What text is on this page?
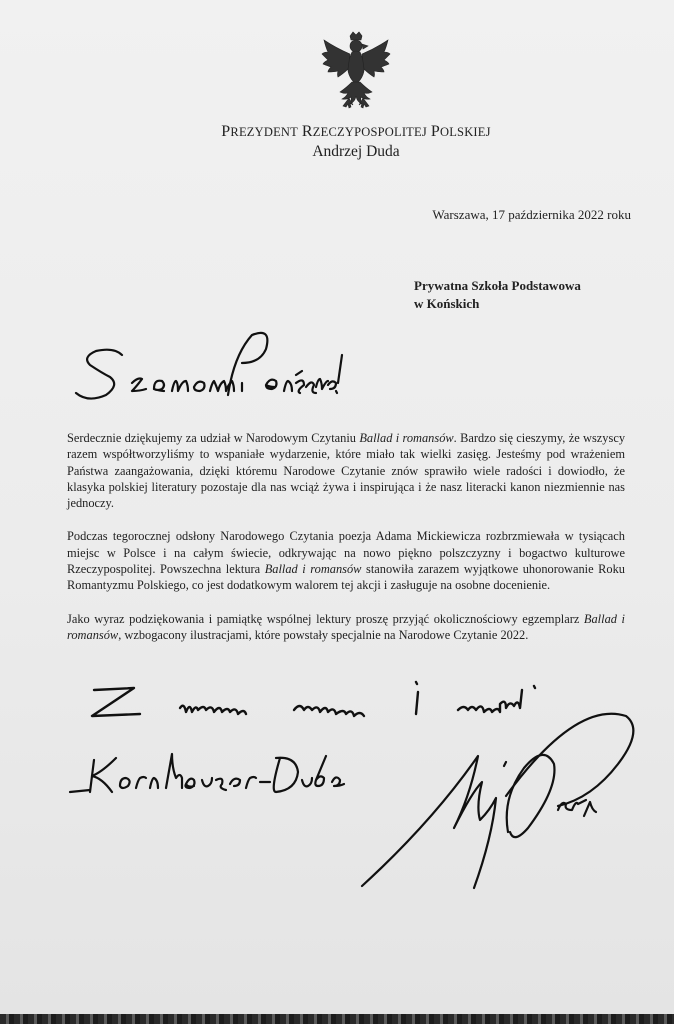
PREZYDENT RZECZYPOSPOLITEJ POLSKIEJ
Andrzej Duda
Warszawa, 17 października 2022 roku
Prywatna Szkoła Podstawowa
w Końskich

Serdecznie dziękujemy za udział w Narodowym Czytaniu Ballad i romansów. Bardzo się cieszymy, że wszyscy razem współtworzyliśmy to wspaniałe wydarzenie, które miało tak wielki zasięg. Jesteśmy pod wrażeniem Państwa zaangażowania, dzięki któremu Narodowe Czytanie znów sprawiło wiele radości i dowiodło, że klasyka polskiej literatury pozostaje dla nas wciąż żywa i inspirująca i że nasz literacki kanon niezmiennie nas jednoczy.

Podczas tegorocznej odsłony Narodowego Czytania poezja Adama Mickiewicza rozbrzmiewała w tysiącach miejsc w Polsce i na całym świecie, odkrywając na nowo piękno polszczyzny i bogactwo kulturowe Rzeczypospolitej. Powszechna lektura Ballad i romansów stanowiła zarazem wyjątkowe uhonorowanie Roku Romantyzmu Polskiego, co jest dodatkowym walorem tej akcji i zasługuje na osobne docenienie.

Jako wyraz podziękowania i pamiątkę wspólnej lektury proszę przyjąć okolicznościowy egzemplarz Ballad i romansów, wzbogacony ilustracjami, które powstały specjalnie na Narodowe Czytanie 2022.
